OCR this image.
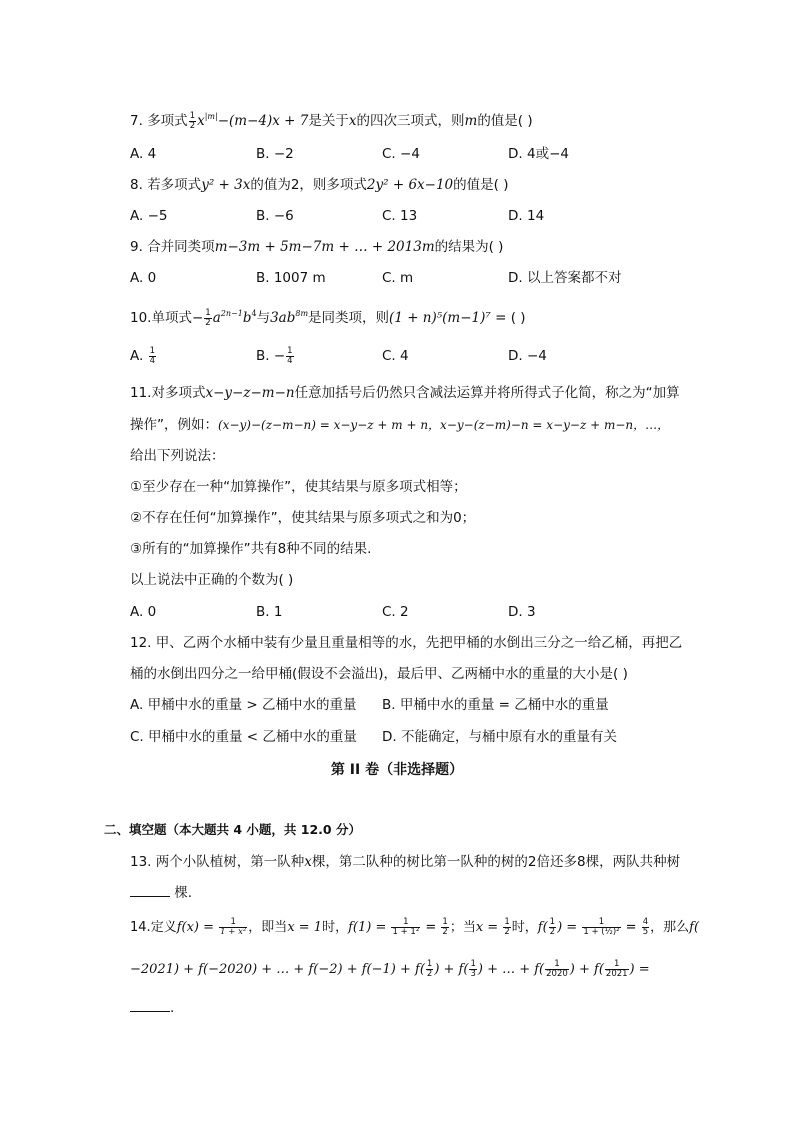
7. 多项式 $\frac{1}{2} x^{|m|}-(m-4)x + 7$是关于x的四次三项式，则m的值是( )
A. 4	B. −2	C. −4	D. 4或−4
8. 若多项式y² + 3x的值为2，则多项式2y² + 6x−10的值是( )
A. −5	B. −6	C. 13	D. 14
9. 合并同类项m−3m + 5m−7m + … + 2013m的结果为( )
A. 0	B. 1007 m	C. m	D. 以上答案都不对
10.单项式− $\frac{1}{2} a^{2n-1}b^4$与$3ab^{8m}$是同类项，则(1 + n)⁵(m−1)⁷ = ( )
A. $\frac{1}{4}$	B. − $\frac{1}{4}$	C. 4	D. −4
11.对多项式x−y−z−m−n任意加括号后仍然只含减法运算并将所得式子化简，称之为“加算
操作”，例如：(x−y)−(z−m−n) = x−y−z + m + n，x−y−(z−m)−n = x−y−z + m−n，…，
给出下列说法：
①至少存在一种“加算操作”，使其结果与原多项式相等；
②不存在任何“加算操作”，使其结果与原多项式之和为0；
③所有的“加算操作”共有8种不同的结果.
以上说法中正确的个数为( )
A. 0	B. 1	C. 2	D. 3
12. 甲、乙两个水桶中装有少量且重量相等的水，先把甲桶的水倒出三分之一给乙桶，再把乙
桶的水倒出四分之一给甲桶(假设不会溢出)，最后甲、乙两桶中水的重量的大小是( )
A. 甲桶中水的重量 > 乙桶中水的重量 B. 甲桶中水的重量 = 乙桶中水的重量
C. 甲桶中水的重量 < 乙桶中水的重量 D. 不能确定，与桶中原有水的重量有关
第 II 卷（非选择题）
二、填空题（本大题共 4 小题，共 12.0 分）
13. 两个小队植树，第一队种x棵，第二队种的树比第一队种的树的2倍还多8棵，两队共种树
棵.
14.定义$f(x) = \frac{1}{\text{1 + x²}}$ ，即当x = 1时，$f(1) = \frac{1}{\text{1 + 1²}} = \frac{1}{2}$ ；当$x = \frac{1}{2}$ 时，$f( \frac{1}{2}$ ) = $\frac{1}{\text{1 + (½)²}} = \frac{4}{5}$ ，那么f(
−2021) + f(−2020) + … + $f(-2) + f(-1) + f( \frac{1}{2}$ ) + $f( \frac{1}{3}$ ) + … + $f( \frac{1}{2020}$ ) + $f( \frac{1}{2021}$ ) =
.
